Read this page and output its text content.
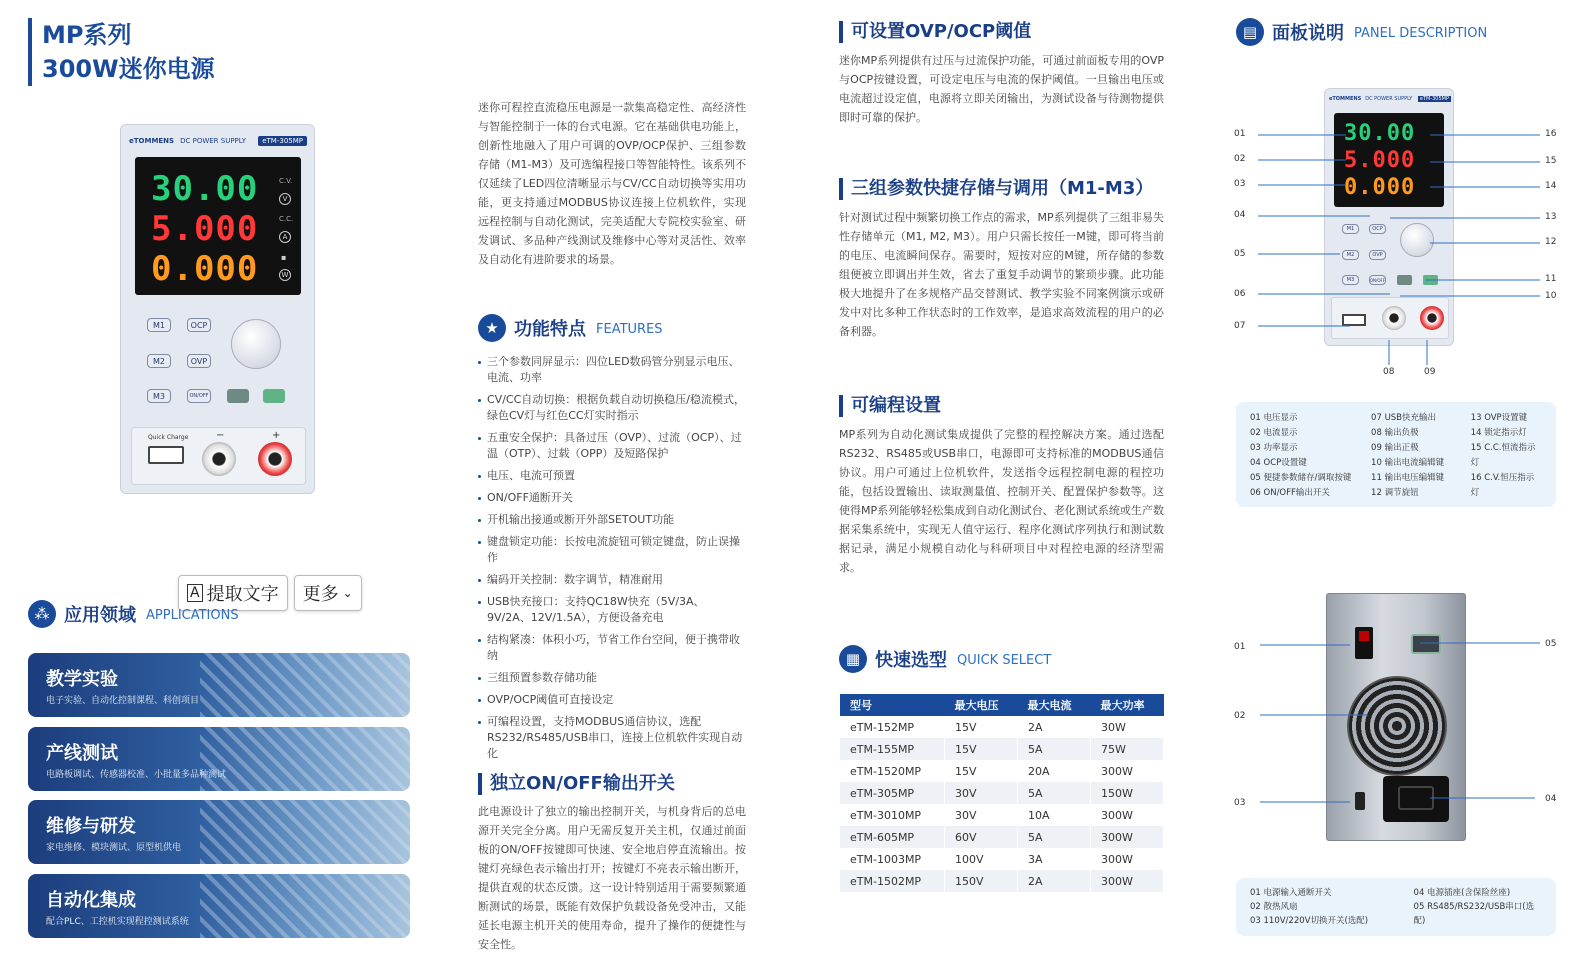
MP系列
300W迷你电源
eTOMMENS DC POWER SUPPLY	eTM-305MP
30.00
5.000
0.000
C.V.
V
C.C.
A
▪
W
M1	OCP
M2	OVP
M3	ON/OFF
Quick Charge	−	+
A 提取文字 更多 ⌄
⁂ 应用领域 APPLICATIONS
教学实验
电子实验、自动化控制课程、科创项目
产线测试
电路板调试、传感器校准、小批量多品种测试
维修与研发
家电维修、模块测试、原型机供电
自动化集成
配合PLC、工控机实现程控测试系统
迷你可程控直流稳压电源是一款集高稳定性、高经济性与智能控制于一体的台式电源。它在基础供电功能上，创新性地融入了用户可调的OVP/OCP保护、三组参数存储（M1-M3）及可选编程接口等智能特性。该系列不仅延续了LED四位清晰显示与CV/CC自动切换等实用功能，更支持通过MODBUS协议连接上位机软件，实现远程控制与自动化测试，完美适配大专院校实验室、研发调试、多品种产线测试及维修中心等对灵活性、效率及自动化有进阶要求的场景。
★ 功能特点 FEATURES
三个参数同屏显示：四位LED数码管分别显示电压、电流、功率
CV/CC自动切换：根据负载自动切换稳压/稳流模式，绿色CV灯与红色CC灯实时指示
五重安全保护：具备过压（OVP）、过流（OCP）、过温（OTP）、过载（OPP）及短路保护
电压、电流可预置
ON/OFF通断开关
开机输出接通或断开外部SETOUT功能
键盘锁定功能：长按电流旋钮可锁定键盘，防止误操作
编码开关控制：数字调节，精准耐用
USB快充接口：支持QC18W快充（5V/3A、9V/2A、12V/1.5A），方便设备充电
结构紧凑：体积小巧，节省工作台空间，便于携带收纳
三组预置参数存储功能
OVP/OCP阈值可直接设定
可编程设置，支持MODBUS通信协议，选配RS232/RS485/USB串口，连接上位机软件实现自动化
独立ON/OFF输出开关
此电源设计了独立的输出控制开关，与机身背后的总电源开关完全分离。用户无需反复开关主机，仅通过前面板的ON/OFF按键即可快速、安全地启停直流输出。按键灯亮绿色表示输出打开；按键灯不亮表示输出断开，提供直观的状态反馈。这一设计特别适用于需要频繁通断测试的场景，既能有效保护负载设备免受冲击，又能延长电源主机开关的使用寿命，提升了操作的便捷性与安全性。
可设置OVP/OCP阈值
迷你MP系列提供有过压与过流保护功能，可通过前面板专用的OVP与OCP按键设置，可设定电压与电流的保护阈值。一旦输出电压或电流超过设定值，电源将立即关闭输出，为测试设备与待测物提供即时可靠的保护。
三组参数快捷存储与调用（M1-M3）
针对测试过程中频繁切换工作点的需求，MP系列提供了三组非易失性存储单元（M1, M2, M3）。用户只需长按任一M键，即可将当前的电压、电流瞬间保存。需要时，短按对应的M键，所存储的参数组便被立即调出并生效，省去了重复手动调节的繁琐步骤。此功能极大地提升了在多规格产品交替测试、教学实验不同案例演示或研发中对比多种工作状态时的工作效率，是追求高效流程的用户的必备利器。
可编程设置
MP系列为自动化测试集成提供了完整的程控解决方案。通过选配RS232、RS485或USB串口，电源即可支持标准的MODBUS通信协议。用户可通过上位机软件，发送指令远程控制电源的程控功能，包括设置输出、读取测量值、控制开关、配置保护参数等。这使得MP系列能够轻松集成到自动化测试台、老化测试系统或生产数据采集系统中，实现无人值守运行、程序化测试序列执行和测试数据记录，满足小规模自动化与科研项目中对程控电源的经济型需求。
▦ 快速选型 QUICK SELECT
型号	最大电压	最大电流	最大功率
eTM-152MP	15V	2A	30W
eTM-155MP	15V	5A	75W
eTM-1520MP	15V	20A	300W
eTM-305MP	30V	5A	150W
eTM-3010MP	30V	10A	300W
eTM-605MP	60V	5A	300W
eTM-1003MP	100V	3A	300W
eTM-1502MP	150V	2A	300W
▤ 面板说明 PANEL DESCRIPTION
eTOMMENS DC POWER SUPPLY	eTM-305MP
30.00
5.000
0.000
M1	OCP
M2	OVP
M3	ON/OFF
01
02
03
04
05
06
07
16
15
14
13
12
11
10
08	09
01 电压显示
02 电流显示
03 功率显示
04 OCP设置键
05 便捷参数储存/调取按键
06 ON/OFF输出开关
07 USB快充输出
08 输出负极
09 输出正极
10 输出电流编辑键
11 输出电压编辑键
12 调节旋钮
13 OVP设置键
14 锁定指示灯
15 C.C.恒流指示灯
16 C.V.恒压指示灯
01
02
03
05
04
01 电源输入通断开关
02 散热风扇
03 110V/220V切换开关(选配)
04 电源插座(含保险丝座)
05 RS485/RS232/USB串口(选配)
